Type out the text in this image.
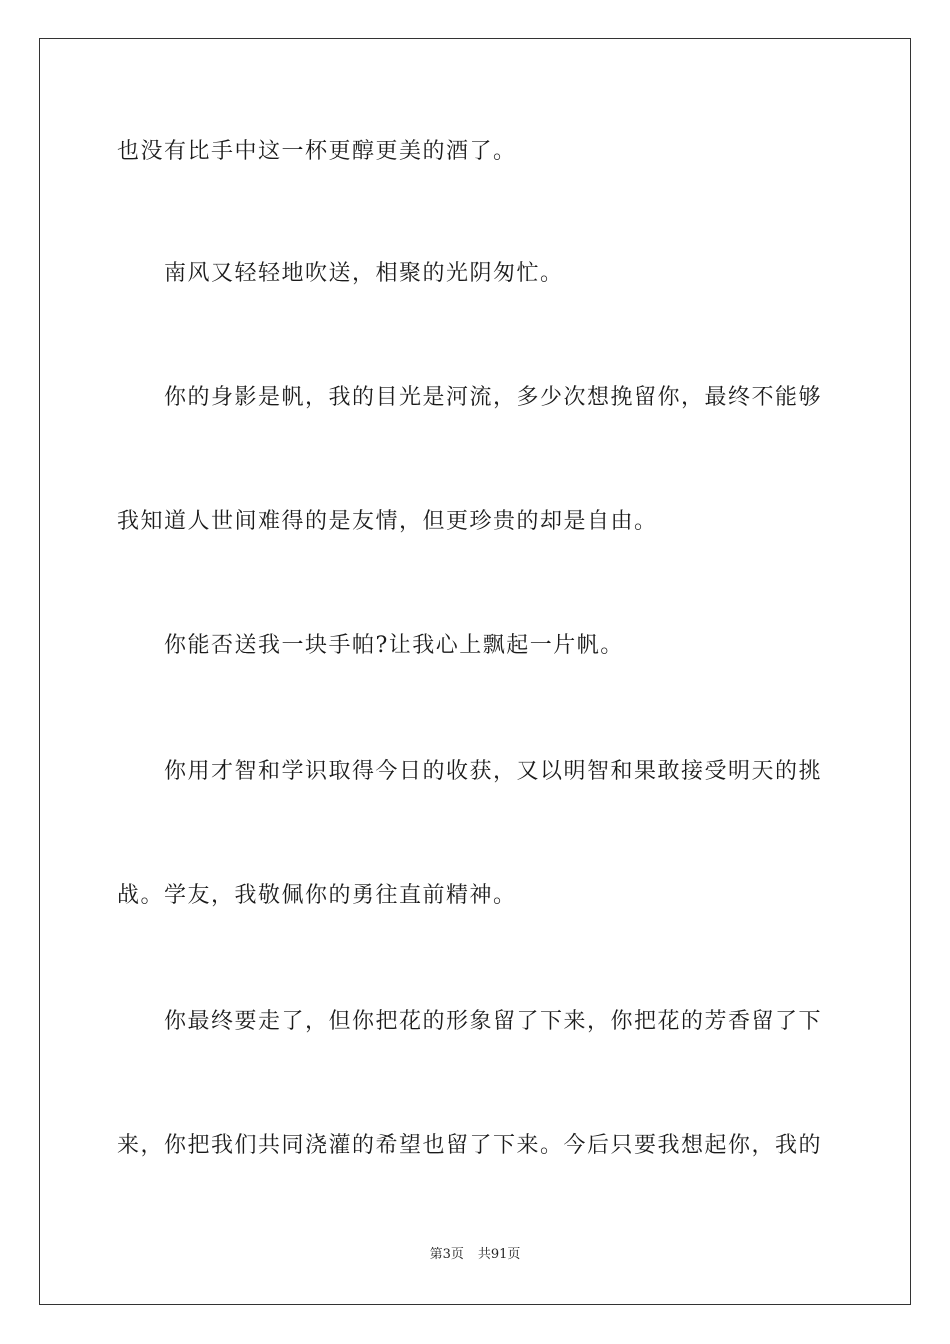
也没有比手中这一杯更醇更美的酒了。
南风又轻轻地吹送，相聚的光阴匆忙。
你的身影是帆，我的目光是河流，多少次想挽留你，最终不能够
我知道人世间难得的是友情，但更珍贵的却是自由。
你能否送我一块手帕?让我心上飘起一片帆。
你用才智和学识取得今日的收获，又以明智和果敢接受明天的挑
战。学友，我敬佩你的勇往直前精神。
你最终要走了，但你把花的形象留了下来，你把花的芳香留了下
来，你把我们共同浇灌的希望也留了下来。今后只要我想起你，我的
第3页 共91页
